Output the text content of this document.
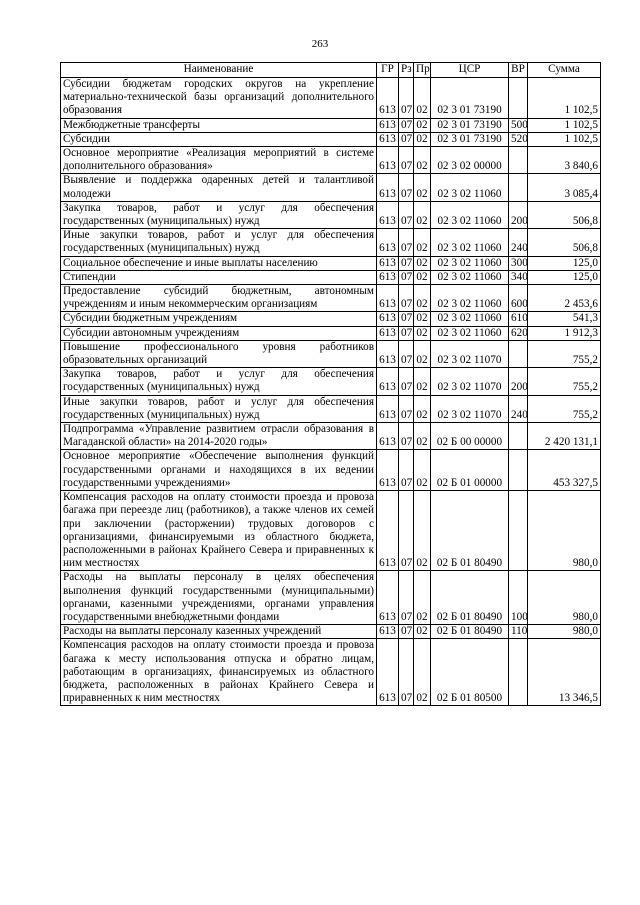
263
Наименование	ГР	Рз	Пр	ЦСР	ВР	Сумма
Субсидии бюджетам городских округов на укрепление материально-технической базы организаций дополнительного образования	613	07	02	02 3 01 73190		1 102,5
Межбюджетные трансферты	613	07	02	02 3 01 73190	500	1 102,5
Субсидии	613	07	02	02 3 01 73190	520	1 102,5
Основное мероприятие «Реализация мероприятий в системе дополнительного образования»	613	07	02	02 3 02 00000		3 840,6
Выявление и поддержка одаренных детей и талантливой молодежи	613	07	02	02 3 02 11060		3 085,4
Закупка товаров, работ и услуг для обеспечения государственных (муниципальных) нужд	613	07	02	02 3 02 11060	200	506,8
Иные закупки товаров, работ и услуг для обеспечения государственных (муниципальных) нужд	613	07	02	02 3 02 11060	240	506,8
Социальное обеспечение и иные выплаты населению	613	07	02	02 3 02 11060	300	125,0
Стипендии	613	07	02	02 3 02 11060	340	125,0
Предоставление субсидий бюджетным, автономным учреждениям и иным некоммерческим организациям	613	07	02	02 3 02 11060	600	2 453,6
Субсидии бюджетным учреждениям	613	07	02	02 3 02 11060	610	541,3
Субсидии автономным учреждениям	613	07	02	02 3 02 11060	620	1 912,3
Повышение профессионального уровня работников образовательных организаций	613	07	02	02 3 02 11070		755,2
Закупка товаров, работ и услуг для обеспечения государственных (муниципальных) нужд	613	07	02	02 3 02 11070	200	755,2
Иные закупки товаров, работ и услуг для обеспечения государственных (муниципальных) нужд	613	07	02	02 3 02 11070	240	755,2
Подпрограмма «Управление развитием отрасли образования в Магаданской области» на 2014-2020 годы»	613	07	02	02 Б 00 00000		2 420 131,1
Основное мероприятие «Обеспечение выполнения функций государственными органами и находящихся в их ведении государственными учреждениями»	613	07	02	02 Б 01 00000		453 327,5
Компенсация расходов на оплату стоимости проезда и провоза багажа при переезде лиц (работников), а также членов их семей при заключении (расторжении) трудовых договоров с организациями, финансируемыми из областного бюджета, расположенными в районах Крайнего Севера и приравненных к ним местностях	613	07	02	02 Б 01 80490		980,0
Расходы на выплаты персоналу в целях обеспечения выполнения функций государственными (муниципальными) органами, казенными учреждениями, органами управления государственными внебюджетными фондами	613	07	02	02 Б 01 80490	100	980,0
Расходы на выплаты персоналу казенных учреждений	613	07	02	02 Б 01 80490	110	980,0
Компенсация расходов на оплату стоимости проезда и провоза багажа к месту использования отпуска и обратно лицам, работающим в организациях, финансируемых из областного бюджета, расположенных в районах Крайнего Севера и приравненных к ним местностях	613	07	02	02 Б 01 80500		13 346,5
